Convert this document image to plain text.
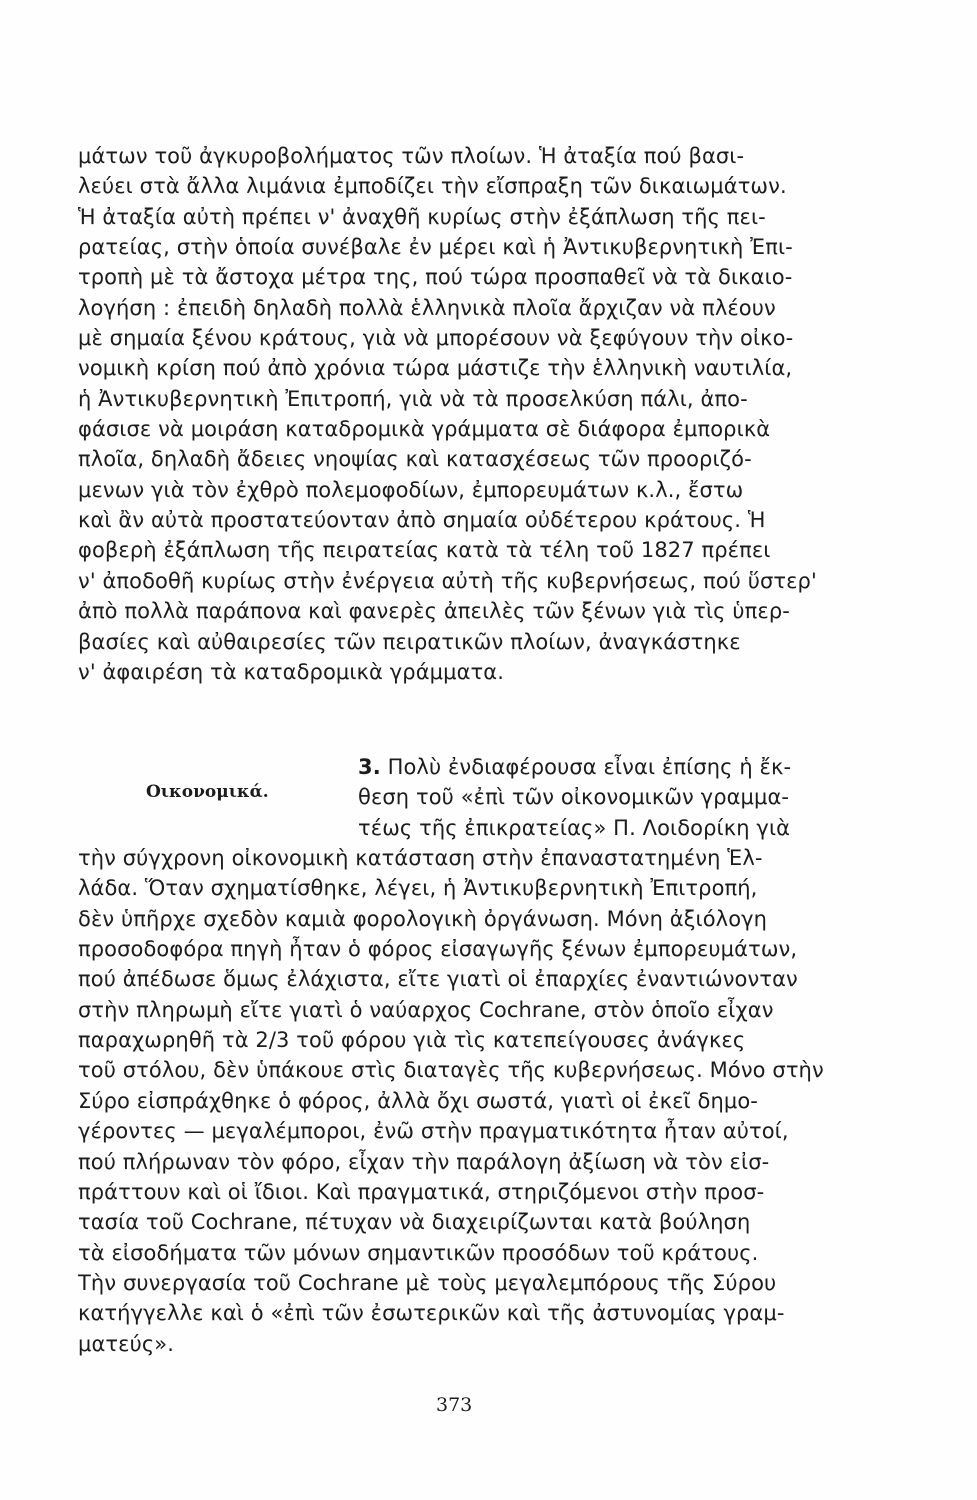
μάτων τοῦ ἀγκυροβολήματος τῶν πλοίων. Ἡ ἀταξία πού βασι-
λεύει στὰ ἄλλα λιμάνια ἐμποδίζει τὴν εἴσπραξη τῶν δικαιωμάτων.
Ἡ ἀταξία αὐτὴ πρέπει ν' ἀναχθῆ κυρίως στὴν ἐξάπλωση τῆς πει-
ρατείας, στὴν ὁποία συνέβαλε ἐν μέρει καὶ ἡ Ἀντικυβερνητικὴ Ἐπι-
τροπὴ μὲ τὰ ἄστοχα μέτρα της, πού τώρα προσπαθεῖ νὰ τὰ δικαιο-
λογήση : ἐπειδὴ δηλαδὴ πολλὰ ἑλληνικὰ πλοῖα ἄρχιζαν νὰ πλέουν
μὲ σημαία ξένου κράτους, γιὰ νὰ μπορέσουν νὰ ξεφύγουν τὴν οἰκο-
νομικὴ κρίση πού ἀπὸ χρόνια τώρα μάστιζε τὴν ἑλληνικὴ ναυτιλία,
ἡ Ἀντικυβερνητικὴ Ἐπιτροπή, γιὰ νὰ τὰ προσελκύση πάλι, ἀπο-
φάσισε νὰ μοιράση καταδρομικὰ γράμματα σὲ διάφορα ἐμπορικὰ
πλοῖα, δηλαδὴ ἄδειες νηοψίας καὶ κατασχέσεως τῶν προοριζό-
μενων γιὰ τὸν ἐχθρὸ πολεμοφοδίων, ἐμπορευμάτων κ.λ., ἔστω
καὶ ἂν αὐτὰ προστατεύονταν ἀπὸ σημαία οὐδέτερου κράτους. Ἡ
φοβερὴ ἐξάπλωση τῆς πειρατείας κατὰ τὰ τέλη τοῦ 1827 πρέπει
ν' ἀποδοθῆ κυρίως στὴν ἐνέργεια αὐτὴ τῆς κυβερνήσεως, πού ὕστερ'
ἀπὸ πολλὰ παράπονα καὶ φανερὲς ἀπειλὲς τῶν ξένων γιὰ τὶς ὑπερ-
βασίες καὶ αὐθαιρεσίες τῶν πειρατικῶν πλοίων, ἀναγκάστηκε
ν' ἀφαιρέση τὰ καταδρομικὰ γράμματα.
Οικονομικά.
3. Πολὺ ἐνδιαφέρουσα εἶναι ἐπίσης ἡ ἔκ-
θεση τοῦ «ἐπὶ τῶν οἰκονομικῶν γραμμα-
τέως τῆς ἐπικρατείας» Π. Λοιδορίκη γιὰ
τὴν σύγχρονη οἰκονομικὴ κατάσταση στὴν ἐπαναστατημένη Ἑλ-
λάδα. Ὅταν σχηματίσθηκε, λέγει, ἡ Ἀντικυβερνητικὴ Ἐπιτροπή,
δὲν ὑπῆρχε σχεδὸν καμιὰ φορολογικὴ ὀργάνωση. Μόνη ἀξιόλογη
προσοδοφόρα πηγὴ ἦταν ὁ φόρος εἰσαγωγῆς ξένων ἐμπορευμάτων,
πού ἀπέδωσε ὅμως ἐλάχιστα, εἴτε γιατὶ οἱ ἐπαρχίες ἐναντιώνονταν
στὴν πληρωμὴ εἴτε γιατὶ ὁ ναύαρχος Cochrane, στὸν ὁποῖο εἶχαν
παραχωρηθῆ τὰ 2/3 τοῦ φόρου γιὰ τὶς κατεπείγουσες ἀνάγκες
τοῦ στόλου, δὲν ὑπάκουε στὶς διαταγὲς τῆς κυβερνήσεως. Μόνο στὴν
Σύρο εἰσπράχθηκε ὁ φόρος, ἀλλὰ ὄχι σωστά, γιατὶ οἱ ἐκεῖ δημο-
γέροντες — μεγαλέμποροι, ἐνῶ στὴν πραγματικότητα ἦταν αὐτοί,
πού πλήρωναν τὸν φόρο, εἶχαν τὴν παράλογη ἀξίωση νὰ τὸν εἰσ-
πράττουν καὶ οἱ ἴδιοι. Καὶ πραγματικά, στηριζόμενοι στὴν προσ-
τασία τοῦ Cochrane, πέτυχαν νὰ διαχειρίζωνται κατὰ βούληση
τὰ εἰσοδήματα τῶν μόνων σημαντικῶν προσόδων τοῦ κράτους.
Τὴν συνεργασία τοῦ Cochrane μὲ τοὺς μεγαλεμπόρους τῆς Σύρου
κατήγγελλε καὶ ὁ «ἐπὶ τῶν ἐσωτερικῶν καὶ τῆς ἀστυνομίας γραμ-
ματεύς».
373
